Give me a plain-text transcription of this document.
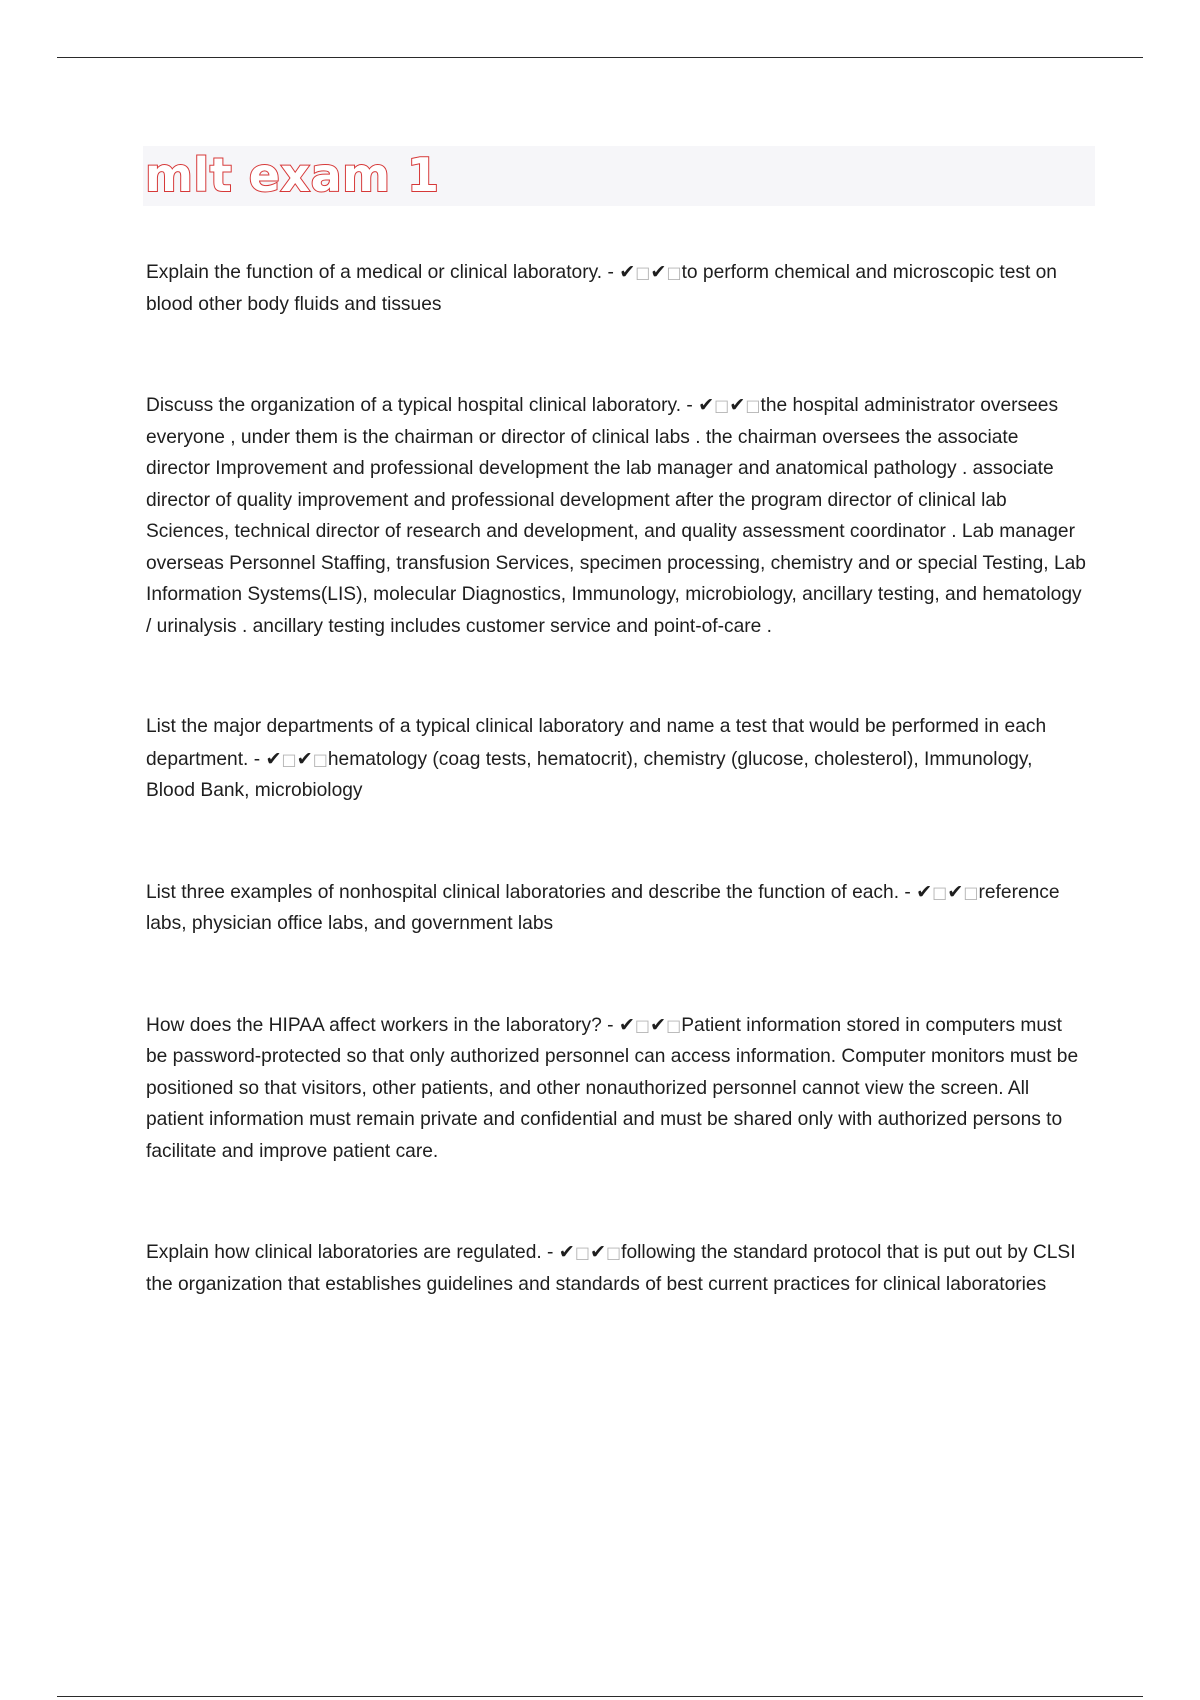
mlt exam 1

Explain the function of a medical or clinical laboratory. - ✔□✔□to perform chemical and microscopic test on blood other body fluids and tissues

Discuss the organization of a typical hospital clinical laboratory. - ✔□✔□the hospital administrator oversees everyone , under them is the chairman or director of clinical labs . the chairman oversees the associate director Improvement and professional development the lab manager and anatomical pathology . associate director of quality improvement and professional development after the program director of clinical lab Sciences, technical director of research and development, and quality assessment coordinator . Lab manager overseas Personnel Staffing, transfusion Services, specimen processing, chemistry and or special Testing, Lab Information Systems(LIS), molecular Diagnostics, Immunology, microbiology, ancillary testing, and hematology / urinalysis . ancillary testing includes customer service and point-of-care .

List the major departments of a typical clinical laboratory and name a test that would be performed in each department. - ✔□✔□hematology (coag tests, hematocrit), chemistry (glucose, cholesterol), Immunology, Blood Bank, microbiology

List three examples of nonhospital clinical laboratories and describe the function of each. - ✔□✔□reference labs, physician office labs, and government labs

How does the HIPAA affect workers in the laboratory? - ✔□✔□Patient information stored in computers must be password-protected so that only authorized personnel can access information. Computer monitors must be positioned so that visitors, other patients, and other nonauthorized personnel cannot view the screen. All patient information must remain private and confidential and must be shared only with authorized persons to facilitate and improve patient care.

Explain how clinical laboratories are regulated. - ✔□✔□following the standard protocol that is put out by CLSI the organization that establishes guidelines and standards of best current practices for clinical laboratories
